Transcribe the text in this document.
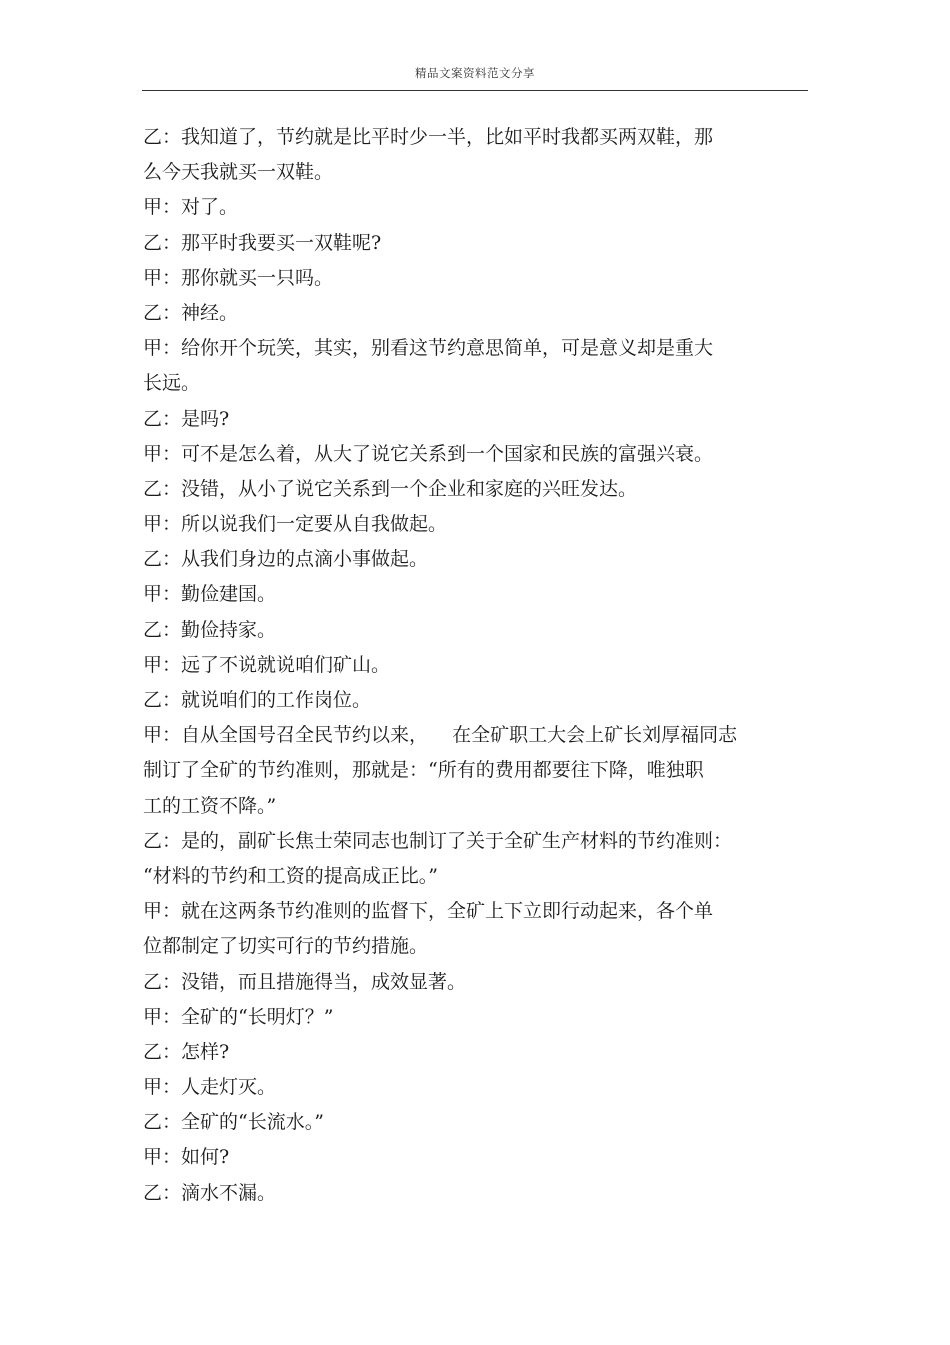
精品文案资料范文分享
乙：我知道了，节约就是比平时少一半，比如平时我都买两双鞋，那
么今天我就买一双鞋。
甲：对了。
乙：那平时我要买一双鞋呢?
甲：那你就买一只吗。
乙：神经。
甲：给你开个玩笑，其实，别看这节约意思简单，可是意义却是重大
长远。
乙：是吗?
甲：可不是怎么着，从大了说它关系到一个国家和民族的富强兴衰。
乙：没错，从小了说它关系到一个企业和家庭的兴旺发达。
甲：所以说我们一定要从自我做起。
乙：从我们身边的点滴小事做起。
甲：勤俭建国。
乙：勤俭持家。
甲：远了不说就说咱们矿山。
乙：就说咱们的工作岗位。
甲：自从全国号召全民节约以来，    在全矿职工大会上矿长刘厚福同志
制订了全矿的节约准则，那就是：“所有的费用都要往下降，唯独职
工的工资不降。”
乙：是的，副矿长焦士荣同志也制订了关于全矿生产材料的节约准则：
“材料的节约和工资的提高成正比。”
甲：就在这两条节约准则的监督下，全矿上下立即行动起来，各个单
位都制定了切实可行的节约措施。
乙：没错，而且措施得当，成效显著。
甲：全矿的“长明灯？”
乙：怎样?
甲：人走灯灭。
乙：全矿的“长流水。”
甲：如何?
乙：滴水不漏。
